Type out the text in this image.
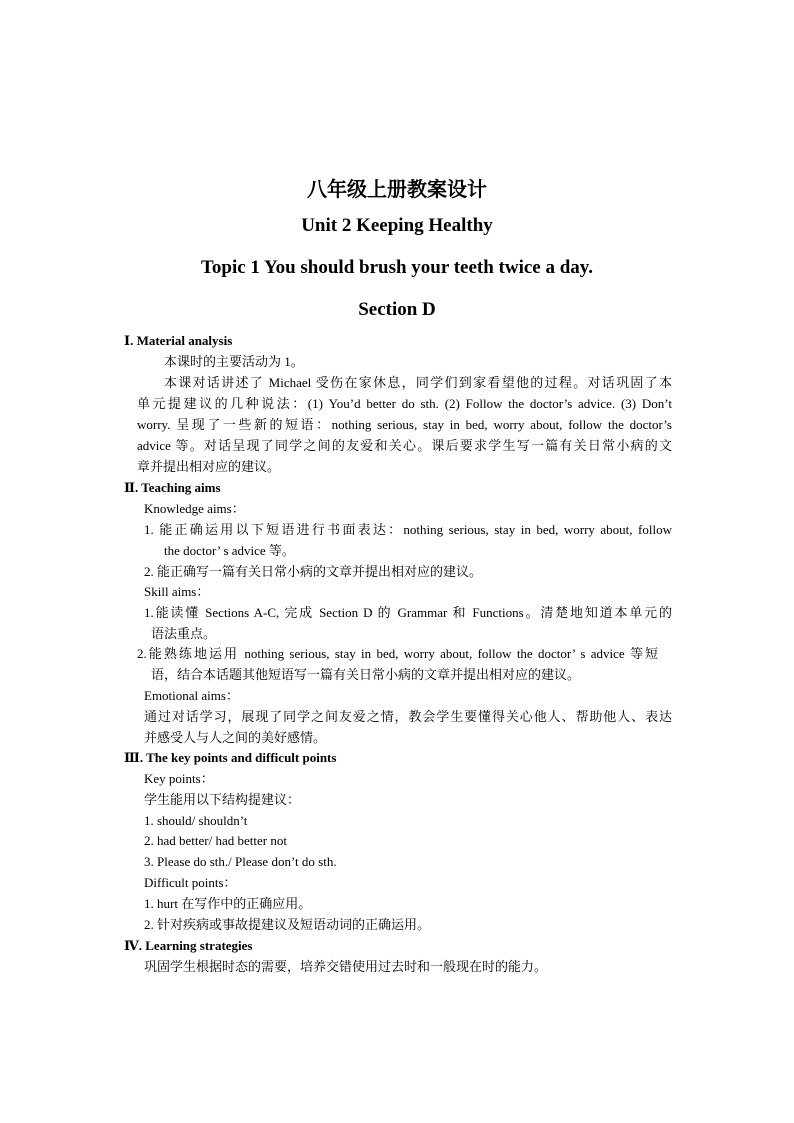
八年级上册教案设计
Unit 2 Keeping Healthy
Topic 1 You should brush your teeth twice a day.
Section D
Ⅰ. Material analysis
本课时的主要活动为 1。
本课对话讲述了 Michael 受伤在家休息，同学们到家看望他的过程。对话巩固了本
单元提建议的几种说法：(1) You’d better do sth. (2) Follow the doctor’s advice. (3) Don’t
worry. 呈现了一些新的短语：nothing serious, stay in bed, worry about, follow the doctor’s
advice 等。对话呈现了同学之间的友爱和关心。课后要求学生写一篇有关日常小病的文
章并提出相对应的建议。
Ⅱ. Teaching aims
Knowledge aims：
1. 能正确运用以下短语进行书面表达：nothing serious, stay in bed, worry about, follow
the doctor’ s advice 等。
2. 能正确写一篇有关日常小病的文章并提出相对应的建议。
Skill aims：
1.能读懂 Sections A-C, 完成 Section D 的 Grammar 和 Functions。清楚地知道本单元的
语法重点。
2.能熟练地运用 nothing serious, stay in bed, worry about, follow the doctor’ s advice 等短
语，结合本话题其他短语写一篇有关日常小病的文章并提出相对应的建议。
Emotional aims：
通过对话学习，展现了同学之间友爱之情，教会学生要懂得关心他人、帮助他人、表达
并感受人与人之间的美好感情。
Ⅲ. The key points and difficult points
Key points：
学生能用以下结构提建议：
1. should/ shouldn’t
2. had better/ had better not
3. Please do sth./ Please don’t do sth.
Difficult points：
1. hurt 在写作中的正确应用。
2. 针对疾病或事故提建议及短语动词的正确运用。
Ⅳ. Learning strategies
巩固学生根据时态的需要，培养交错使用过去时和一般现在时的能力。
